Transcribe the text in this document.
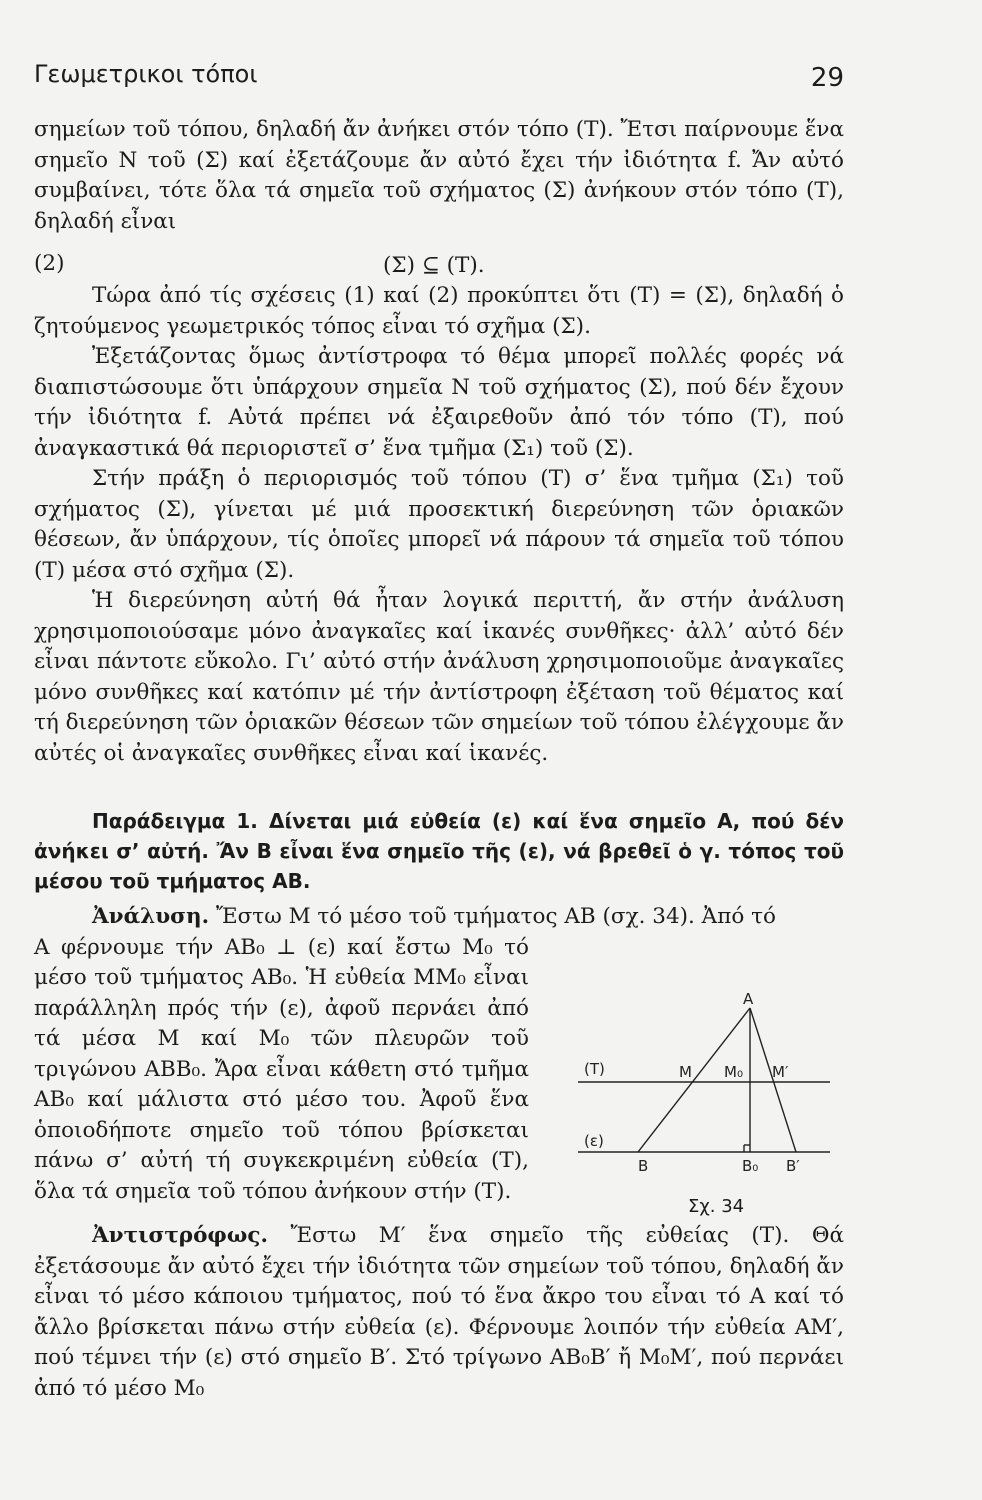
Γεωμετρικοι τόποι	29

σημείων τοῦ τόπου, δηλαδή ἄν ἀνήκει στόν τόπο (Τ). Ἔτσι παίρνουμε ἕνα σημεῖο Ν τοῦ (Σ) καί ἐξετάζουμε ἄν αὐτό ἔχει τήν ἰδιότητα f. Ἄν αὐτό συμβαίνει, τότε ὅλα τά σημεῖα τοῦ σχήματος (Σ) ἀνήκουν στόν τόπο (Τ), δηλαδή εἶναι

(2)	(Σ) ⊆ (Τ).

Τώρα ἀπό τίς σχέσεις (1) καί (2) προκύπτει ὅτι (Τ) = (Σ), δηλαδή ὁ ζητούμενος γεωμετρικός τόπος εἶναι τό σχῆμα (Σ).

Ἐξετάζοντας ὅμως ἀντίστροφα τό θέμα μπορεῖ πολλές φορές νά διαπιστώσουμε ὅτι ὑπάρχουν σημεῖα Ν τοῦ σχήματος (Σ), πού δέν ἔχουν τήν ἰδιότητα f. Αὐτά πρέπει νά ἐξαιρεθοῦν ἀπό τόν τόπο (Τ), πού ἀναγκαστικά θά περιοριστεῖ σ’ ἕνα τμῆμα (Σ₁) τοῦ (Σ).

Στήν πράξη ὁ περιορισμός τοῦ τόπου (Τ) σ’ ἕνα τμῆμα (Σ₁) τοῦ σχήματος (Σ), γίνεται μέ μιά προσεκτική διερεύνηση τῶν ὁριακῶν θέσεων, ἄν ὑπάρχουν, τίς ὁποῖες μπορεῖ νά πάρουν τά σημεῖα τοῦ τόπου (Τ) μέσα στό σχῆμα (Σ).

Ἡ διερεύνηση αὐτή θά ἦταν λογικά περιττή, ἄν στήν ἀνάλυση χρησιμοποιούσαμε μόνο ἀναγκαῖες καί ἱκανές συνθῆκες· ἀλλ’ αὐτό δέν εἶναι πάντοτε εὔκολο. Γι’ αὐτό στήν ἀνάλυση χρησιμοποιοῦμε ἀναγκαῖες μόνο συνθῆκες καί κατόπιν μέ τήν ἀντίστροφη ἐξέταση τοῦ θέματος καί τή διερεύνηση τῶν ὁριακῶν θέσεων τῶν σημείων τοῦ τόπου ἐλέγχουμε ἄν αὐτές οἱ ἀναγκαῖες συνθῆκες εἶναι καί ἱκανές.

Παράδειγμα 1. Δίνεται μιά εὐθεία (ε) καί ἕνα σημεῖο Α, πού δέν ἀνήκει σ’ αὐτή. Ἄν Β εἶναι ἕνα σημεῖο τῆς (ε), νά βρεθεῖ ὁ γ. τόπος τοῦ μέσου τοῦ τμήματος ΑΒ.

Ἀνάλυση. Ἔστω Μ τό μέσο τοῦ τμήματος ΑΒ (σχ. 34). Ἀπό τό

Α φέρνουμε τήν ΑΒ₀ ⊥ (ε) καί ἔστω Μ₀ τό μέσο τοῦ τμήματος ΑΒ₀. Ἡ εὐθεία ΜΜ₀ εἶναι παράλληλη πρός τήν (ε), ἀφοῦ περνάει ἀπό τά μέσα Μ καί Μ₀ τῶν πλευρῶν τοῦ τριγώνου ΑΒΒ₀. Ἄρα εἶναι κάθετη στό τμῆμα ΑΒ₀ καί μάλιστα στό μέσο του. Ἀφοῦ ἕνα ὁποιοδήποτε σημεῖο τοῦ τόπου βρίσκεται πάνω σ’ αὐτή τή συγκεκριμένη εὐθεία (Τ), ὅλα τά σημεῖα τοῦ τόπου ἀνήκουν στήν (Τ).

Ἀντιστρόφως. Ἔστω Μ′ ἕνα σημεῖο τῆς εὐθείας (Τ). Θά ἐξετάσουμε ἄν αὐτό ἔχει τήν ἰδιότητα τῶν σημείων τοῦ τόπου, δηλαδή ἄν εἶναι τό μέσο κάποιου τμήματος, πού τό ἕνα ἄκρο του εἶναι τό Α καί τό ἄλλο βρίσκεται πάνω στήν εὐθεία (ε). Φέρνουμε λοιπόν τήν εὐθεία ΑΜ′, πού τέμνει τήν (ε) στό σημεῖο Β′. Στό τρίγωνο ΑΒ₀Β′ ἤ Μ₀Μ′, πού περνάει ἀπό τό μέσο Μ₀

A
(T)	M M₀ M′
(ε)
B	B₀ B′
Σχ. 34
